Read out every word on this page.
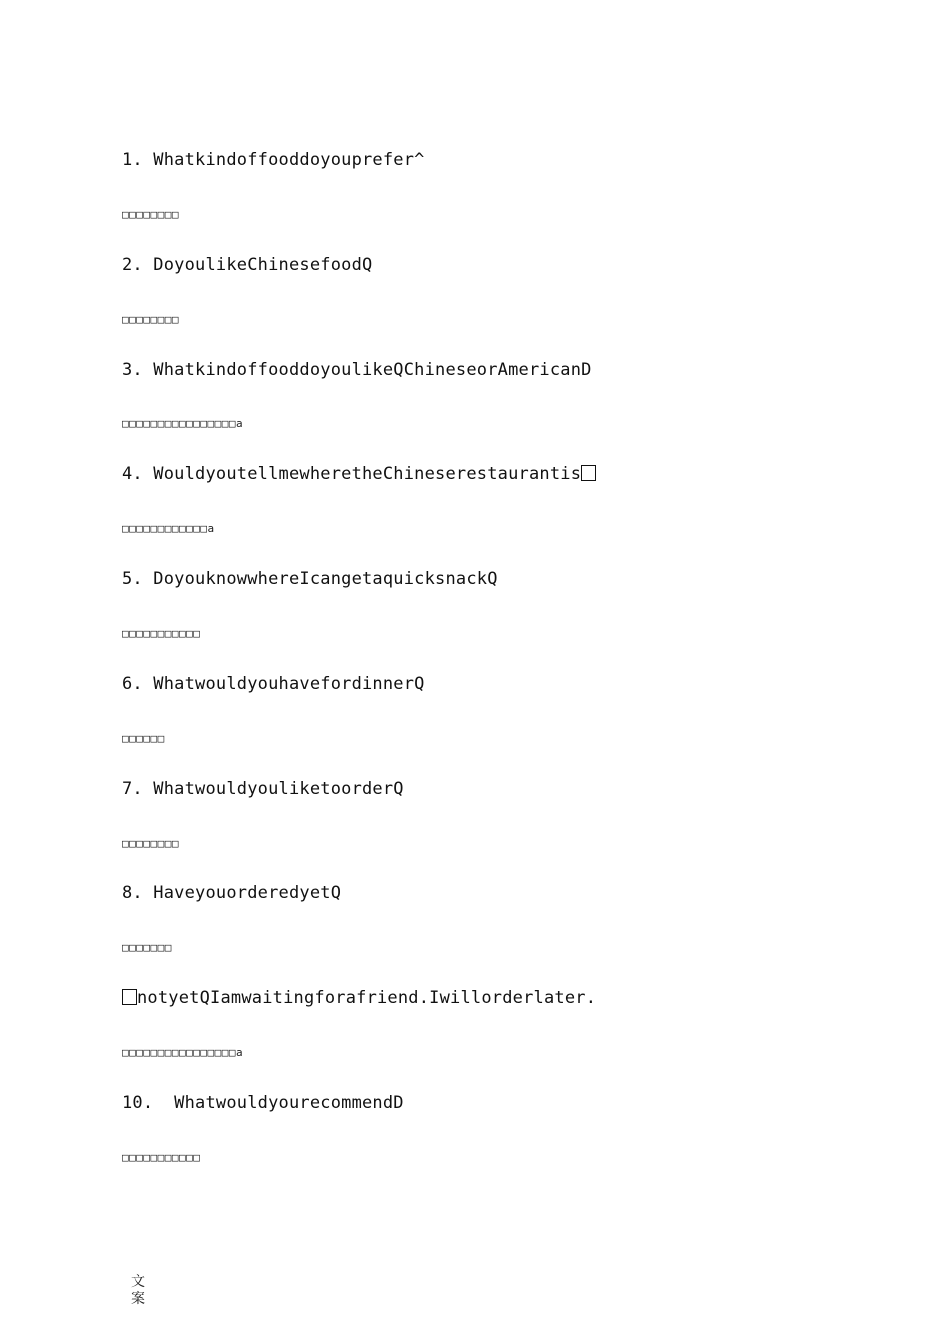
1. Whatkindoffooddoyouprefer^
□□□□□□□□
2. DoyoulikeChinesefoodQ
□□□□□□□□
3. WhatkindoffooddoyoulikeQChineseorAmericanD
□□□□□□□□□□□□□□□□a
4. WouldyoutellmewheretheChineserestaurantis
□□□□□□□□□□□□a
5. DoyouknowwhereIcangetaquicksnackQ
□□□□□□□□□□□
6. WhatwouldyouhavefordinnerQ
□□□□□□
7. WhatwouldyouliketoorderQ
□□□□□□□□
8. HaveyouorderedyetQ
□□□□□□□
notyetQIamwaitingforafriend.Iwillorderlater.
□□□□□□□□□□□□□□□□a
10.  WhatwouldyourecommendD
□□□□□□□□□□□
文
案
